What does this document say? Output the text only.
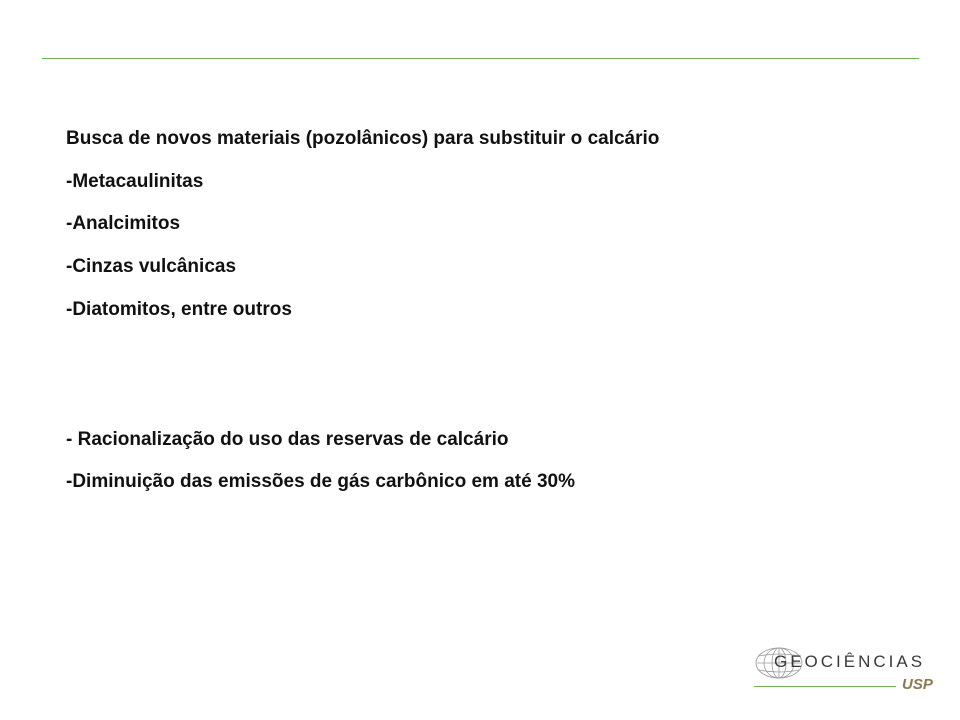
Busca de novos materiais (pozolânicos) para substituir o calcário

-Metacaulinitas

-Analcimitos

-Cinzas vulcânicas

-Diatomitos, entre outros

- Racionalização do uso das reservas de calcário

-Diminuição das emissões de gás carbônico em até 30%

GEOCIÊNCIAS
USP
